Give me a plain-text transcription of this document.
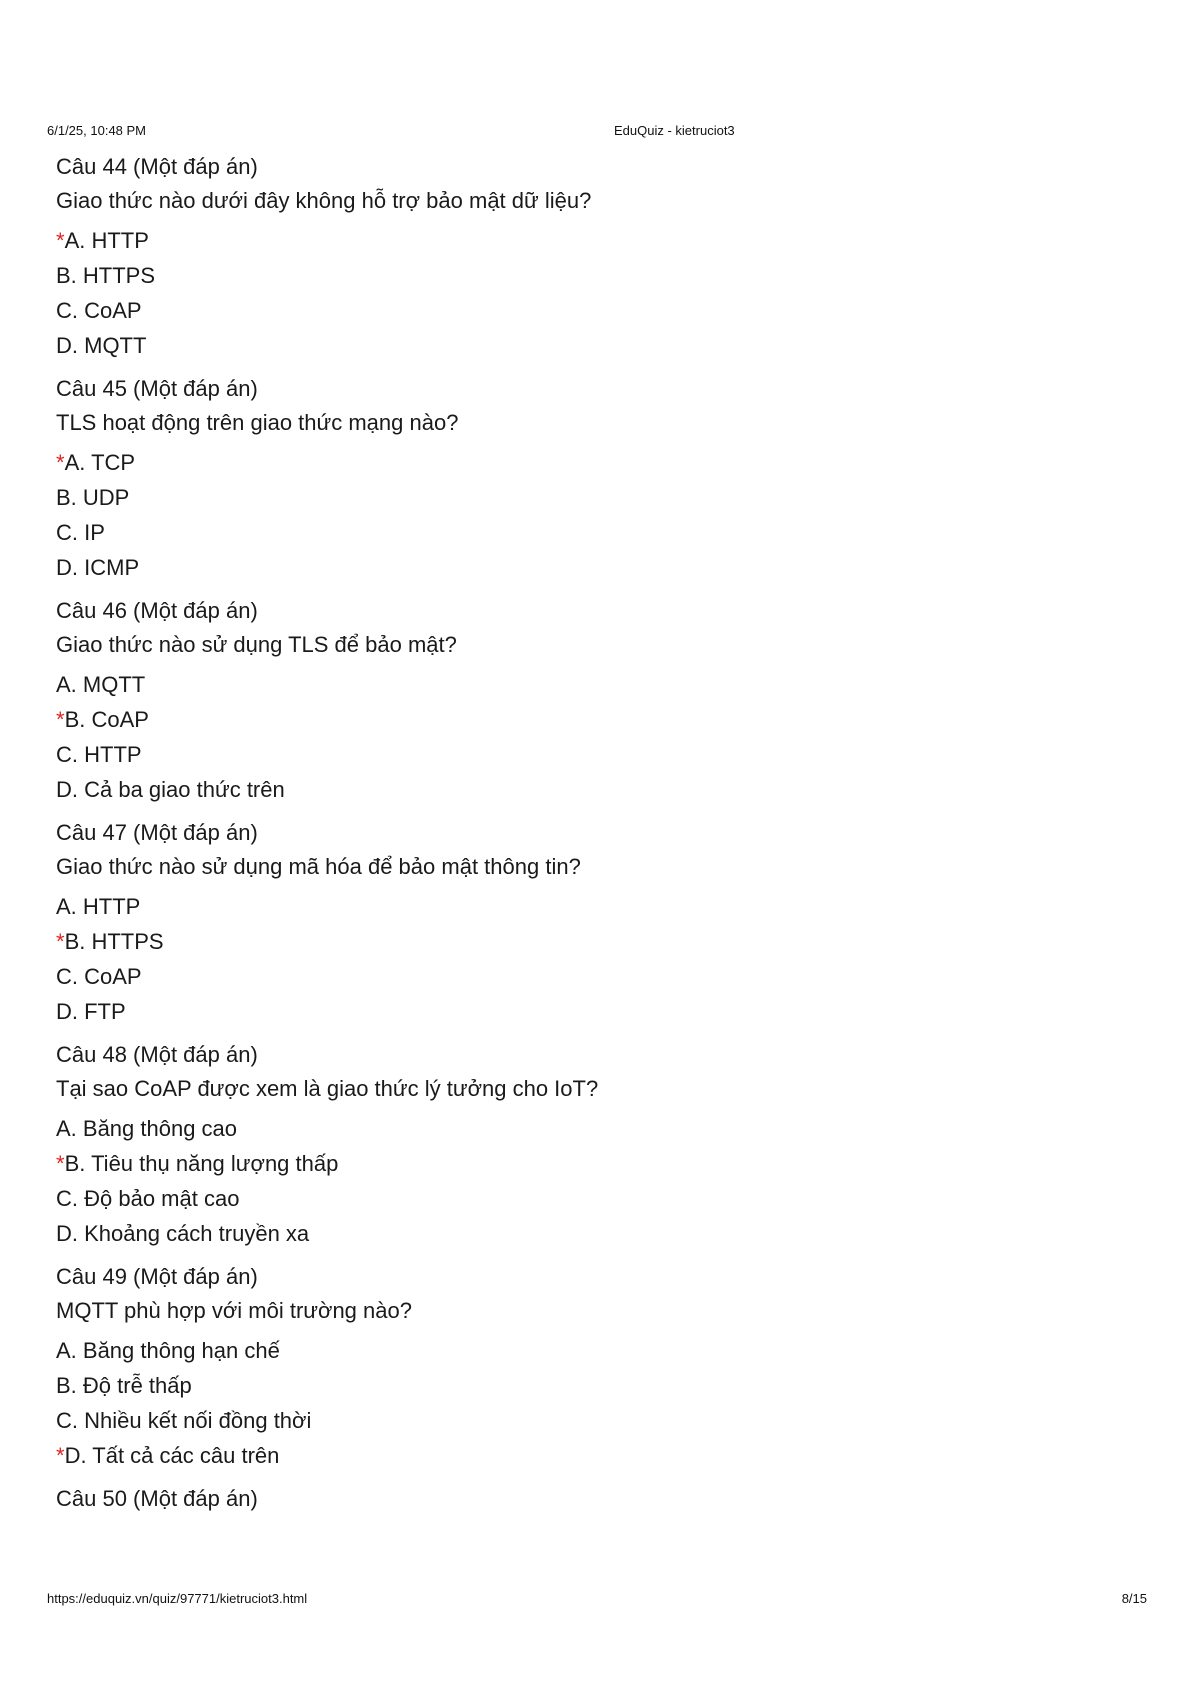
6/1/25, 10:48 PM	EduQuiz - kietruciot3
Câu 44 (Một đáp án)
Giao thức nào dưới đây không hỗ trợ bảo mật dữ liệu?
*A. HTTP
B. HTTPS
C. CoAP
D. MQTT
Câu 45 (Một đáp án)
TLS hoạt động trên giao thức mạng nào?
*A. TCP
B. UDP
C. IP
D. ICMP
Câu 46 (Một đáp án)
Giao thức nào sử dụng TLS để bảo mật?
A. MQTT
*B. CoAP
C. HTTP
D. Cả ba giao thức trên
Câu 47 (Một đáp án)
Giao thức nào sử dụng mã hóa để bảo mật thông tin?
A. HTTP
*B. HTTPS
C. CoAP
D. FTP
Câu 48 (Một đáp án)
Tại sao CoAP được xem là giao thức lý tưởng cho IoT?
A. Băng thông cao
*B. Tiêu thụ năng lượng thấp
C. Độ bảo mật cao
D. Khoảng cách truyền xa
Câu 49 (Một đáp án)
MQTT phù hợp với môi trường nào?
A. Băng thông hạn chế
B. Độ trễ thấp
C. Nhiều kết nối đồng thời
*D. Tất cả các câu trên
Câu 50 (Một đáp án)
https://eduquiz.vn/quiz/97771/kietruciot3.html	8/15
